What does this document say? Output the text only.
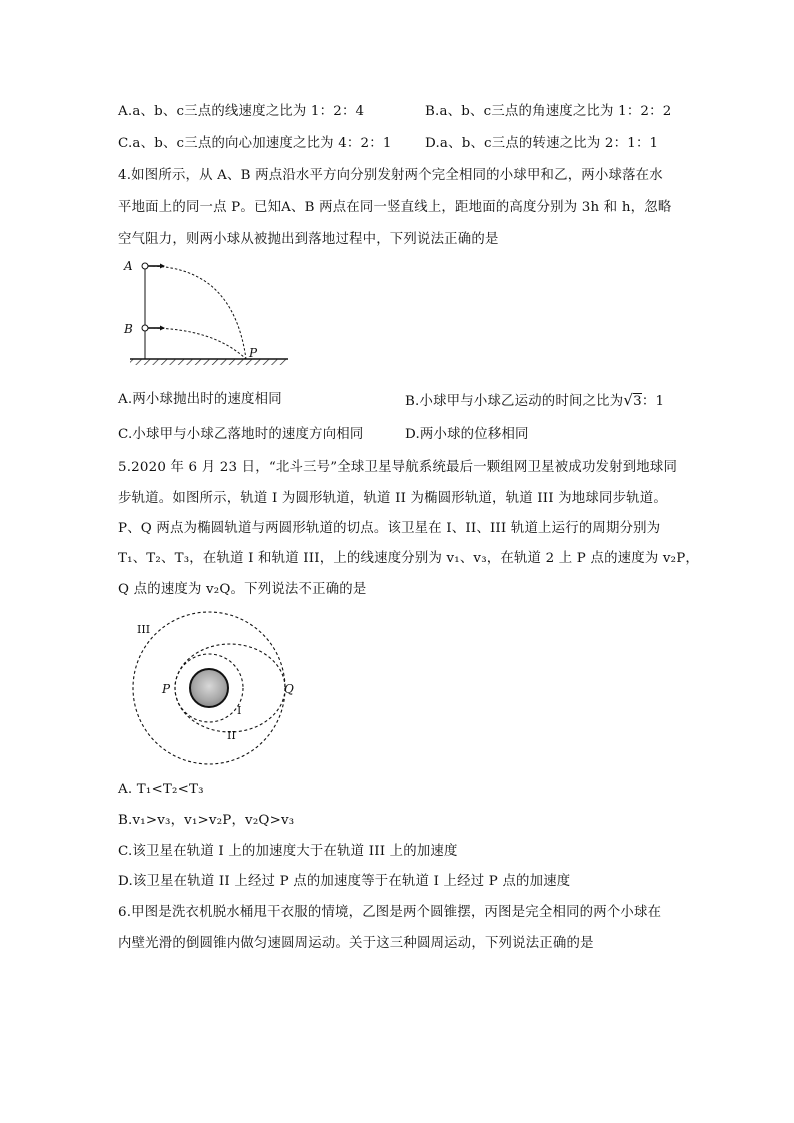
A.a、b、c三点的线速度之比为 1：2：4	B.a、b、c三点的角速度之比为 1：2：2
C.a、b、c三点的向心加速度之比为 4：2：1 D.a、b、c三点的转速之比为 2：1：1
4.如图所示，从 A、B 两点沿水平方向分别发射两个完全相同的小球甲和乙，两小球落在水
平地面上的同一点 P。已知A、B 两点在同一竖直线上，距地面的高度分别为 3h 和 h，忽略
空气阻力，则两小球从被抛出到落地过程中，下列说法正确的是
A
B
P
A.两小球抛出时的速度相同	B.小球甲与小球乙运动的时间之比为√3：1
C.小球甲与小球乙落地时的速度方向相同	D.两小球的位移相同
5.2020 年 6 月 23 日，“北斗三号”全球卫星导航系统最后一颗组网卫星被成功发射到地球同
步轨道。如图所示，轨道 I 为圆形轨道，轨道 II 为椭圆形轨道，轨道 III 为地球同步轨道。
P、Q 两点为椭圆轨道与两圆形轨道的切点。该卫星在 I、II、III 轨道上运行的周期分别为
T₁、T₂、T₃，在轨道 I 和轨道 III，上的线速度分别为 v₁、v₃，在轨道 2 上 P 点的速度为 v₂P，
Q 点的速度为 v₂Q。下列说法不正确的是
III
P	Q
I
II
A. T₁<T₂<T₃
B.v₁>v₃，v₁>v₂P，v₂Q>v₃
C.该卫星在轨道 I 上的加速度大于在轨道 III 上的加速度
D.该卫星在轨道 II 上经过 P 点的加速度等于在轨道 I 上经过 P 点的加速度
6.甲图是洗衣机脱水桶甩干衣服的情境，乙图是两个圆锥摆，丙图是完全相同的两个小球在
内壁光滑的倒圆锥内做匀速圆周运动。关于这三种圆周运动，下列说法正确的是
